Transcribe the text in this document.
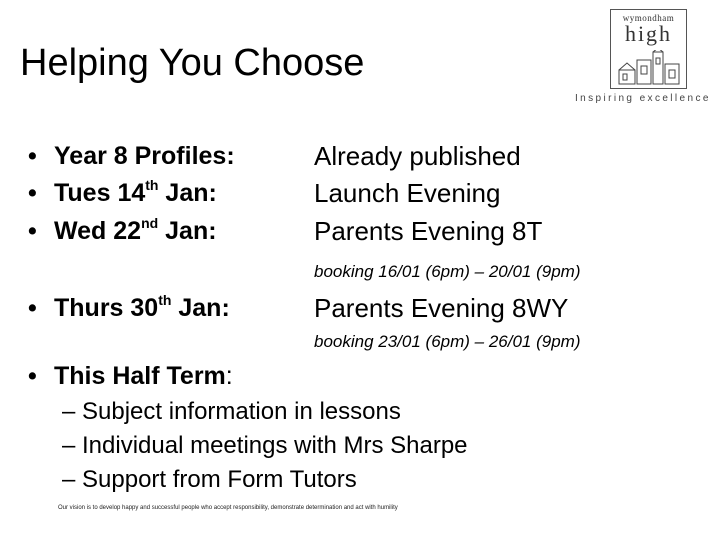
Helping You Choose
wymondham
high
Inspiring excellence
• Year 8 Profiles:	Already published
• Tues 14th Jan:	Launch Evening
• Wed 22nd Jan:	Parents Evening 8T
booking 16/01 (6pm) – 20/01 (9pm)
• Thurs 30th Jan:	Parents Evening 8WY
booking 23/01 (6pm) – 26/01 (9pm)
• This Half Term:
– Subject information in lessons
– Individual meetings with Mrs Sharpe
– Support from Form Tutors
Our vision is to develop happy and successful people who accept responsibility, demonstrate determination and act with humility
